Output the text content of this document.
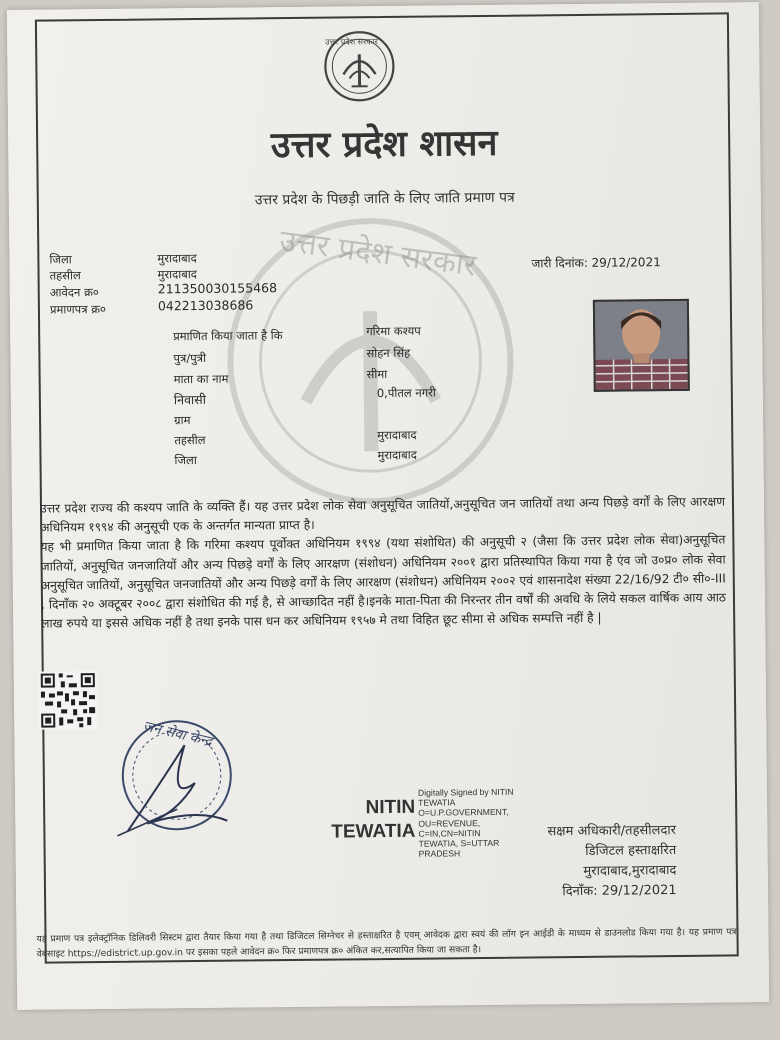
उत्तर प्रदेश सरकार
उत्तर प्रदेश सरकार
उत्तर प्रदेश शासन
उत्तर प्रदेश के पिछड़ी जाति के लिए जाति प्रमाण पत्र
जिला	मुरादाबाद
तहसील	मुरादाबाद
आवेदन क्र०	211350030155468
प्रमाणपत्र क्र०	042213038686
जारी दिनांक: 29/12/2021
प्रमाणित किया जाता है कि	गरिमा कश्यप
पुत्र/पुत्री	सोहन सिंह
माता का नाम	सीमा
निवासी	0,पीतल नगरी
ग्राम
तहसील	मुरादाबाद
जिला	मुरादाबाद

उत्तर प्रदेश राज्य की कश्यप जाति के व्यक्ति हैं। यह उत्तर प्रदेश लोक सेवा अनुसूचित जातियों,अनुसूचित जन जातियों तथा अन्य पिछड़े वर्गों के लिए आरक्षण अधिनियम १९९४ की अनुसूची एक के अन्तर्गत मान्यता प्राप्त है।

यह भी प्रमाणित किया जाता है कि गरिमा कश्यप पूर्वोक्त अधिनियम १९९४ (यथा संशोधित) की अनुसूची २ (जैसा कि उत्तर प्रदेश लोक सेवा)अनुसूचित जातियों, अनुसूचित जनजातियों और अन्य पिछड़े वर्गों के लिए आरक्षण (संशोधन) अधिनियम २००१ द्वारा प्रतिस्थापित किया गया है एंव जो उ०प्र० लोक सेवा अनुसूचित जातियों, अनुसूचित जनजातियों और अन्य पिछड़े वर्गों के लिए आरक्षण (संशोधन) अधिनियम २००२ एवं शासनादेश संख्या 22/16/92 टी० सी०-III , दिनाँक २० अक्टूबर २००८ द्वारा संशोधित की गई है, से आच्छादित नहीं है।इनके माता-पिता की निरन्तर तीन वर्षों की अवधि के लिये सकल वार्षिक आय आठ लाख रुपये या इससे अधिक नहीं है तथा इनके पास धन कर अधिनियम १९५७ मे तथा विहित छूट सीमा से अधिक सम्पत्ति नहीं है |

जन सेवा केन्द्र
NITIN
TEWATIA
Digitally Signed by NITIN
TEWATIA
O=U.P.GOVERNMENT,
OU=REVENUE,
C=IN,CN=NITIN
TEWATIA, S=UTTAR
PRADESH
सक्षम अधिकारी/तहसीलदार
डिजिटल हस्ताक्षरित
मुरादाबाद,मुरादाबाद
दिनाँक: 29/12/2021
यह प्रमाण पत्र इलेक्ट्रॉनिक डिलिवरी सिस्टम द्वारा तैयार किया गया है तथा डिजिटल सिग्नेचर से हस्ताक्षरित है एवम् आवेदक द्वारा स्वयं की लॉग इन आईडी के माध्यम से डाउनलोड किया गया है। यह प्रमाण पत्र वेबसाइट https://edistrict.up.gov.in पर इसका पहले आवेदन क्र० फिर प्रमाणपत्र क्र० अंकित कर,सत्यापित किया जा सकता है।
